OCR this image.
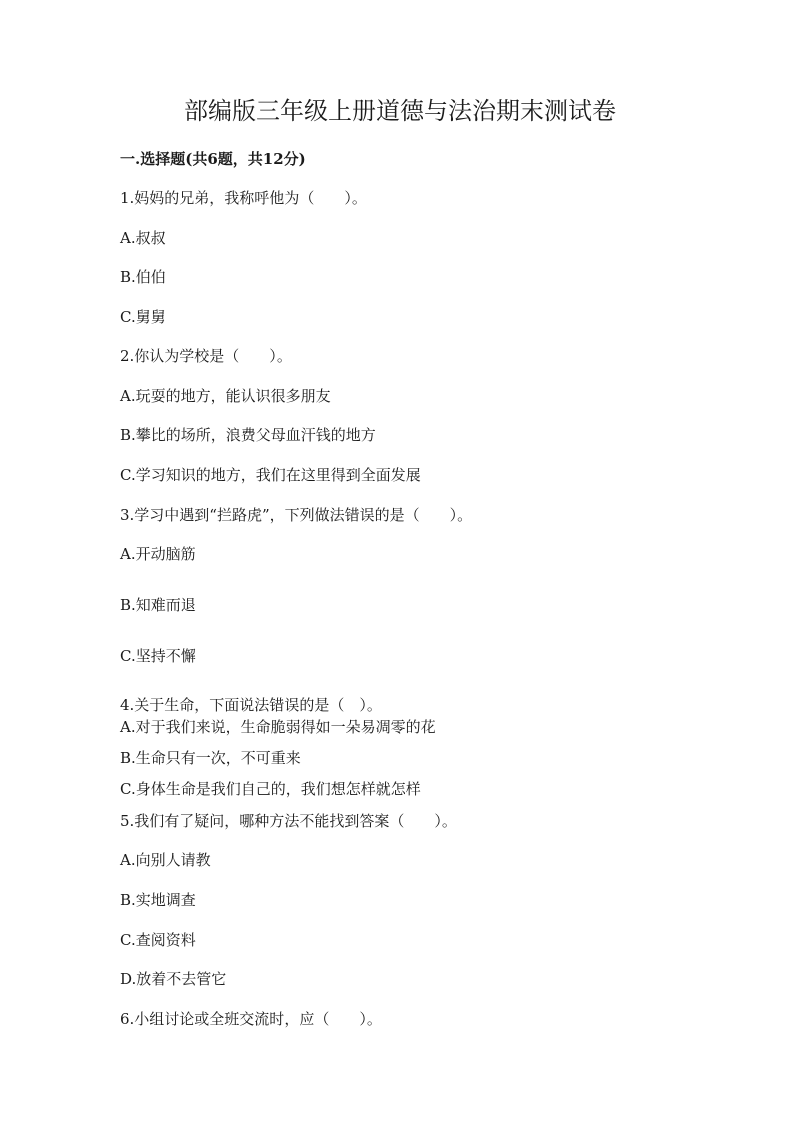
部编版三年级上册道德与法治期末测试卷

一.选择题(共6题，共12分)

1.妈妈的兄弟，我称呼他为（　　）。

A.叔叔

B.伯伯

C.舅舅

2.你认为学校是（　　）。

A.玩耍的地方，能认识很多朋友

B.攀比的场所，浪费父母血汗钱的地方

C.学习知识的地方，我们在这里得到全面发展

3.学习中遇到“拦路虎”，下列做法错误的是（　　）。

A.开动脑筋

B.知难而退

C.坚持不懈

4.关于生命，下面说法错误的是（　）。

A.对于我们来说，生命脆弱得如一朵易凋零的花

B.生命只有一次，不可重来

C.身体生命是我们自己的，我们想怎样就怎样

5.我们有了疑问，哪种方法不能找到答案（　　）。

A.向别人请教

B.实地调查

C.查阅资料

D.放着不去管它

6.小组讨论或全班交流时，应（　　）。
